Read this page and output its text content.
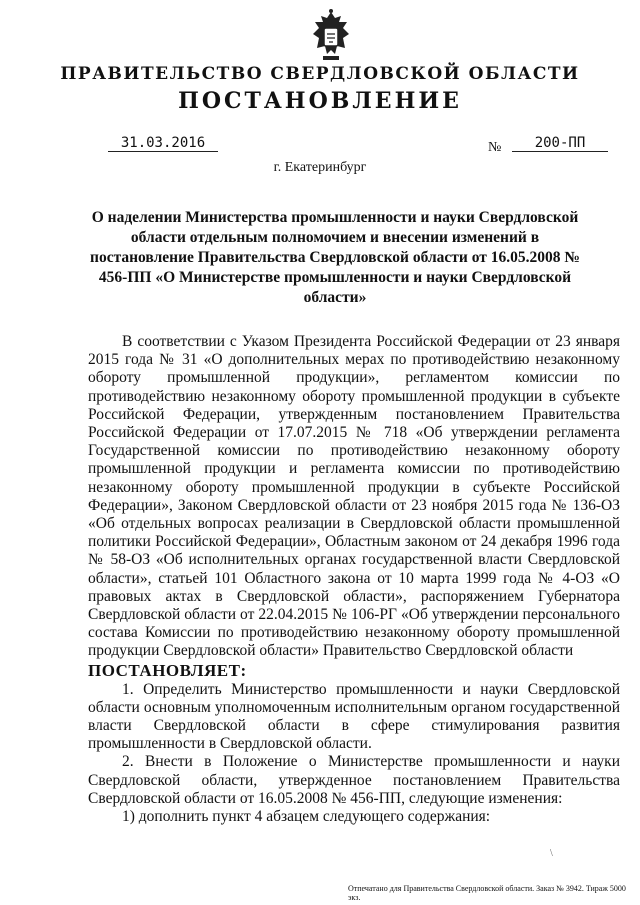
ПРАВИТЕЛЬСТВО СВЕРДЛОВСКОЙ ОБЛАСТИ
ПОСТАНОВЛЕНИЕ
31.03.2016	№	200-ПП
г. Екатеринбург
О наделении Министерства промышленности и науки Свердловской области отдельным полномочием и внесении изменений в постановление Правительства Свердловской области от 16.05.2008 № 456-ПП «О Министерстве промышленности и науки Свердловской области»

В соответствии с Указом Президента Российской Федерации от 23 января 2015 года № 31 «О дополнительных мерах по противодействию незаконному обороту промышленной продукции», регламентом комиссии по противодействию незаконному обороту промышленной продукции в субъекте Российской Федерации, утвержденным постановлением Правительства Российской Федерации от 17.07.2015 № 718 «Об утверждении регламента Государственной комиссии по противодействию незаконному обороту промышленной продукции и регламента комиссии по противодействию незаконному обороту промышленной продукции в субъекте Российской Федерации», Законом Свердловской области от 23 ноября 2015 года № 136-ОЗ «Об отдельных вопросах реализации в Свердловской области промышленной политики Российской Федерации», Областным законом от 24 декабря 1996 года № 58-ОЗ «Об исполнительных органах государственной власти Свердловской области», статьей 101 Областного закона от 10 марта 1999 года № 4-ОЗ «О правовых актах в Свердловской области», распоряжением Губернатора Свердловской области от 22.04.2015 № 106-РГ «Об утверждении персонального состава Комиссии по противодействию незаконному обороту промышленной продукции Свердловской области» Правительство Свердловской области

ПОСТАНОВЛЯЕТ:

1. Определить Министерство промышленности и науки Свердловской области основным уполномоченным исполнительным органом государственной власти Свердловской области в сфере стимулирования развития промышленности в Свердловской области.

2. Внести в Положение о Министерстве промышленности и науки Свердловской области, утвержденное постановлением Правительства Свердловской области от 16.05.2008 № 456-ПП, следующие изменения:

1) дополнить пункт 4 абзацем следующего содержания:

\
Отпечатано для Правительства Свердловской области. Заказ № 3942. Тираж 5000 экз.
